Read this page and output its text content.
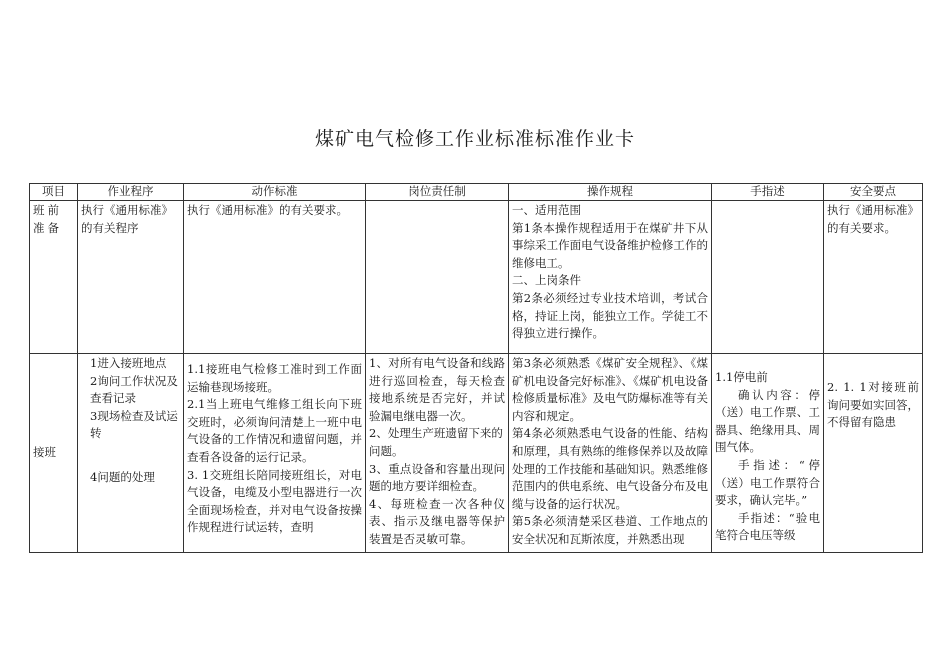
煤矿电气检修工作业标准标准作业卡
项目	作业程序	动作标准	岗位责任制	操作规程	手指述	安全要点
班前准备	执行《通用标准》的有关程序	执行《通用标准》的有关要求。		一、适用范围
第1条本操作规程适用于在煤矿井下从事综采工作面电气设备维护检修工作的维修电工。
二、上岗条件
第2条必须经过专业技术培训，考试合格，持证上岗，能独立工作。学徒工不得独立进行操作。		执行《通用标准》的有关要求。
接班	1进入接班地点
2询问工作状况及查看记录
3现场检查及试运转
4问题的处理	1.1接班电气检修工准时到工作面运输巷现场接班。
2.1当上班电气维修工组长向下班交班时，必须询问清楚上一班中电气设备的工作情况和遗留问题，并查看各设备的运行记录。
3. 1交班组长陪同接班组长，对电气设备，电缆及小型电器进行一次全面现场检查，并对电气设备按操作规程进行试运转，查明	1、对所有电气设备和线路进行巡回检查，每天检查接地系统是否完好，并试验漏电继电器一次。
2、处理生产班遗留下来的问题。
3、重点设备和容量出现问题的地方要详细检查。
4、每班检查一次各种仪表、指示及继电器等保护装置是否灵敏可靠。	第3条必须熟悉《煤矿安全规程》、《煤矿机电设备完好标准》、《煤矿机电设备检修质量标准》及电气防爆标准等有关内容和规定。
第4条必须熟悉电气设备的性能、结构和原理，具有熟练的维修保养以及故障处理的工作技能和基础知识。熟悉维修范围内的供电系统、电气设备分布及电缆与设备的运行状况。
第5条必须清楚采区巷道、工作地点的安全状况和瓦斯浓度，并熟悉出现	1.1停电前
确认内容：停（送）电工作票、工器具、绝缘用具、周围气体。
手指述：“停（送）电工作票符合要求，确认完毕。”
手指述：“验电笔符合电压等级	2. 1. 1对接班前询问要如实回答，不得留有隐患
